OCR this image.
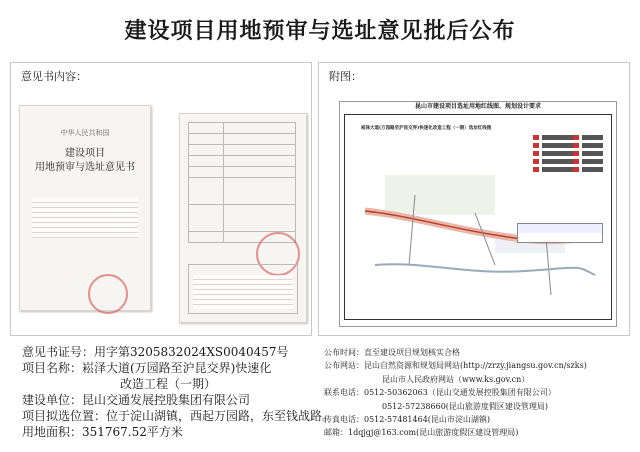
建设项目用地预审与选址意见批后公布
意见书内容：
中华人民共和国
建设项目
用地预审与选址意见书
附图：
昆山市建设项目选址用地红线图、规划设计要求
崧泽大道(万园路至沪昆交界)快速化改造工程（一期）选址红线图
意见书证号：用字第3205832024XS0040457号
项目名称：崧泽大道(万园路至沪昆交界)快速化
改造工程（一期）
建设单位：昆山交通发展控股集团有限公司
项目拟选位置：位于淀山湖镇，西起万园路，东至钱战路。
用地面积：351767.52平方米
公布时间：直至建设项目规划核实合格
公布网站：昆山自然资源和规划局网站(http://zrzy.jiangsu.gov.cn/szks)
昆山市人民政府网站（www.ks.gov.cn）
联系电话：0512-50362063（昆山交通发展控股集团有限公司）
0512-57238660(昆山旅游度假区建设管理局)
传真电话：0512-57481464(昆山市淀山湖镇)
邮箱：1dqjgj@163.com(昆山旅游度假区建设管理局)
